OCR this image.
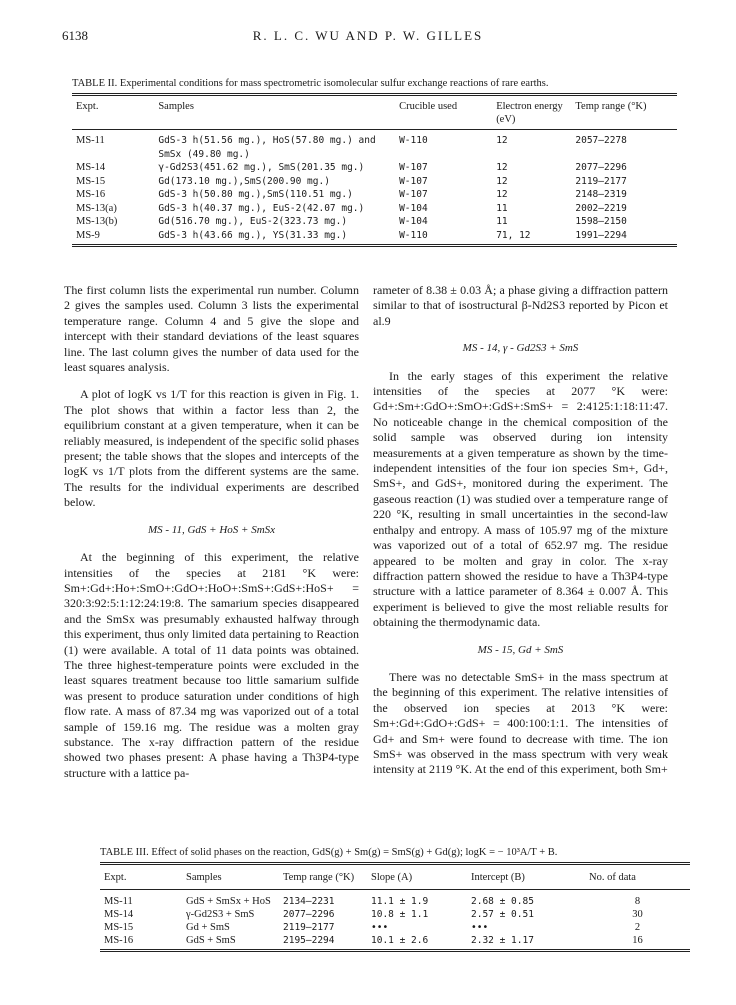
6138	R. L. C. WU AND P. W. GILLES
TABLE II. Experimental conditions for mass spectrometric isomolecular sulfur exchange reactions of rare earths.
Expt.	Samples	Crucible used	Electron energy (eV)	Temp range (°K)
MS-11	GdS-3 h(51.56 mg.), HoS(57.80 mg.) and SmSx (49.80 mg.)	W-110	12	2057—2278
MS-14	γ-Gd2S3(451.62 mg.), SmS(201.35 mg.)	W-107	12	2077—2296
MS-15	Gd(173.10 mg.),SmS(200.90 mg.)	W-107	12	2119—2177
MS-16	GdS-3 h(50.80 mg.),SmS(110.51 mg.)	W-107	12	2148—2319
MS-13(a)	GdS-3 h(40.37 mg.), EuS-2(42.07 mg.)	W-104	11	2002—2219
MS-13(b)	Gd(516.70 mg.), EuS-2(323.73 mg.)	W-104	11	1598—2150
MS-9	GdS-3 h(43.66 mg.), YS(31.33 mg.)	W-110	71, 12	1991—2294

The first column lists the experimental run number. Column 2 gives the samples used. Column 3 lists the experimental temperature range. Column 4 and 5 give the slope and intercept with their standard deviations of the least squares line. The last column gives the number of data used for the least squares analysis.

A plot of logK vs 1/T for this reaction is given in Fig. 1. The plot shows that within a factor less than 2, the equilibrium constant at a given temperature, when it can be reliably measured, is independent of the specific solid phases present; the table shows that the slopes and intercepts of the logK vs 1/T plots from the different systems are the same. The results for the individual experiments are described below.

MS - 11, GdS + HoS + SmSx

At the beginning of this experiment, the relative intensities of the species at 2181 °K were: Sm+:Gd+:Ho+:SmO+:GdO+:HoO+:SmS+:GdS+:HoS+ = 320:3:92:5:1:12:24:19:8. The samarium species disappeared and the SmSx was presumably exhausted halfway through this experiment, thus only limited data pertaining to Reaction (1) were available. A total of 11 data points was obtained. The three highest-temperature points were excluded in the least squares treatment because too little samarium sulfide was present to produce saturation under conditions of high flow rate. A mass of 87.34 mg was vaporized out of a total sample of 159.16 mg. The residue was a molten gray substance. The x-ray diffraction pattern of the residue showed two phases present: A phase having a Th3P4-type structure with a lattice pa-

rameter of 8.38 ± 0.03 Å; a phase giving a diffraction pattern similar to that of isostructural β-Nd2S3 reported by Picon et al.9

MS - 14, γ - Gd2S3 + SmS

In the early stages of this experiment the relative intensities of the species at 2077 °K were: Gd+:Sm+:GdO+:SmO+:GdS+:SmS+ = 2:4125:1:18:11:47. No noticeable change in the chemical composition of the solid sample was observed during ion intensity measurements at a given temperature as shown by the time-independent intensities of the four ion species Sm+, Gd+, SmS+, and GdS+, monitored during the experiment. The gaseous reaction (1) was studied over a temperature range of 220 °K, resulting in small uncertainties in the second-law enthalpy and entropy. A mass of 105.97 mg of the mixture was vaporized out of a total of 652.97 mg. The residue appeared to be molten and gray in color. The x-ray diffraction pattern showed the residue to have a Th3P4-type structure with a lattice parameter of 8.364 ± 0.007 Å. This experiment is believed to give the most reliable results for obtaining the thermodynamic data.

MS - 15, Gd + SmS

There was no detectable SmS+ in the mass spectrum at the beginning of this experiment. The relative intensities of the observed ion species at 2013 °K were: Sm+:Gd+:GdO+:GdS+ = 400:100:1:1. The intensities of Gd+ and Sm+ were found to decrease with time. The ion SmS+ was observed in the mass spectrum with very weak intensity at 2119 °K. At the end of this experiment, both Sm+

TABLE III. Effect of solid phases on the reaction, GdS(g) + Sm(g) = SmS(g) + Gd(g); logK = − 10³A/T + B.
Expt.	Samples	Temp range (°K)	Slope (A)	Intercept (B)	No. of data
MS-11	GdS + SmSx + HoS	2134—2231	11.1 ± 1.9	2.68 ± 0.85	8
MS-14	γ-Gd2S3 + SmS	2077—2296	10.8 ± 1.1	2.57 ± 0.51	30
MS-15	Gd + SmS	2119—2177	•••	•••	2
MS-16	GdS + SmS	2195—2294	10.1 ± 2.6	2.32 ± 1.17	16
